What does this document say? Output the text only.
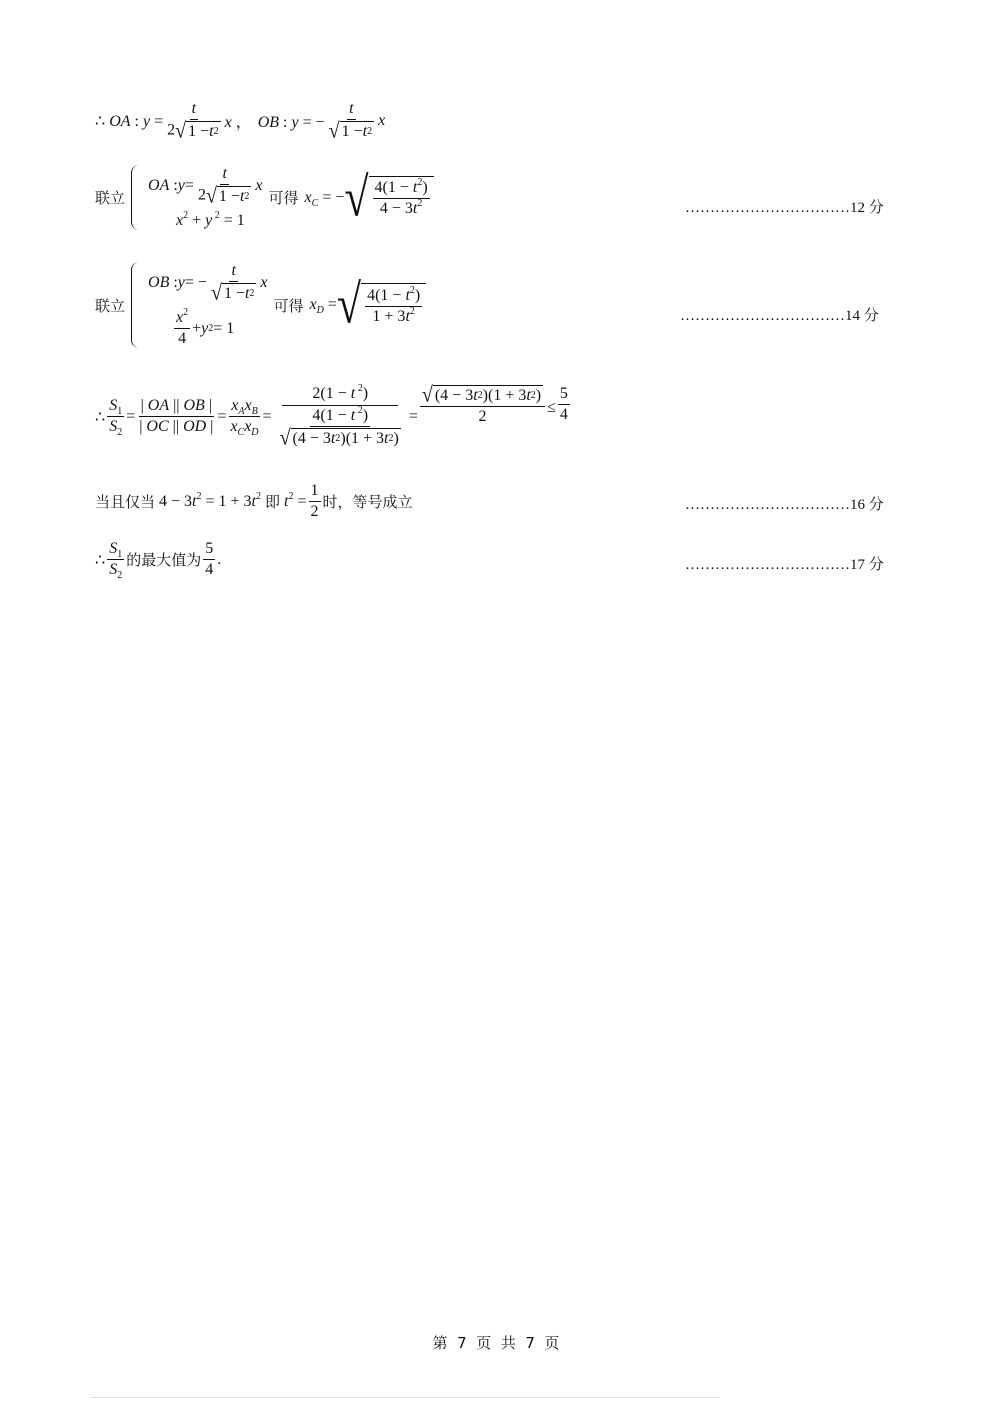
∴ OA : $y = \frac{t}{2 √ 1 - t 2}$ x ， OB : y = − $\frac{t}{√ 1 - t 2}$ x
联立
OA : $y = \frac{t}{2 √ 1 - t 2}$ x
$x^2 + y$ $^2$ = 1
可得 $x_C$ = − √ $\frac{4(1 - t^2)}{4 - 3t^2}$	……………………………12 分
联立
OB : y = − $\frac{t}{√ 1 - t 2}$ x
$\frac{x^2}{4} + y$ 2 = 1
可得 $x_D$ = √ $\frac{4(1 - t^2)}{1 + 3t^2}$	……………………………14 分
∴ $\frac{S_1}{S_2} = \frac{| OA || OB |}{| OC || OD |} = \frac{x_Ax_B}{x_Cx_D} = \frac{2(1 - t ^2)}{\frac{4(1 - t ^2)}{√ (4 - 3 t 2 )(1 + 3 t 2 )}} = \frac{√ (4 - 3 t 2 )(1 + 3 t 2 )}{2} \le \frac{5}{4}$
当且仅当 $4 - 3t^2 = 1 + 3t^2$ 即 $t^2 = \frac{1}{2}$ 时，等号成立	……………………………16 分
∴ $\frac{S_1}{S_2}$ 的最大值为 $\frac{5}{4}$ .	……………………………17 分
第 7 页 共 7 页
